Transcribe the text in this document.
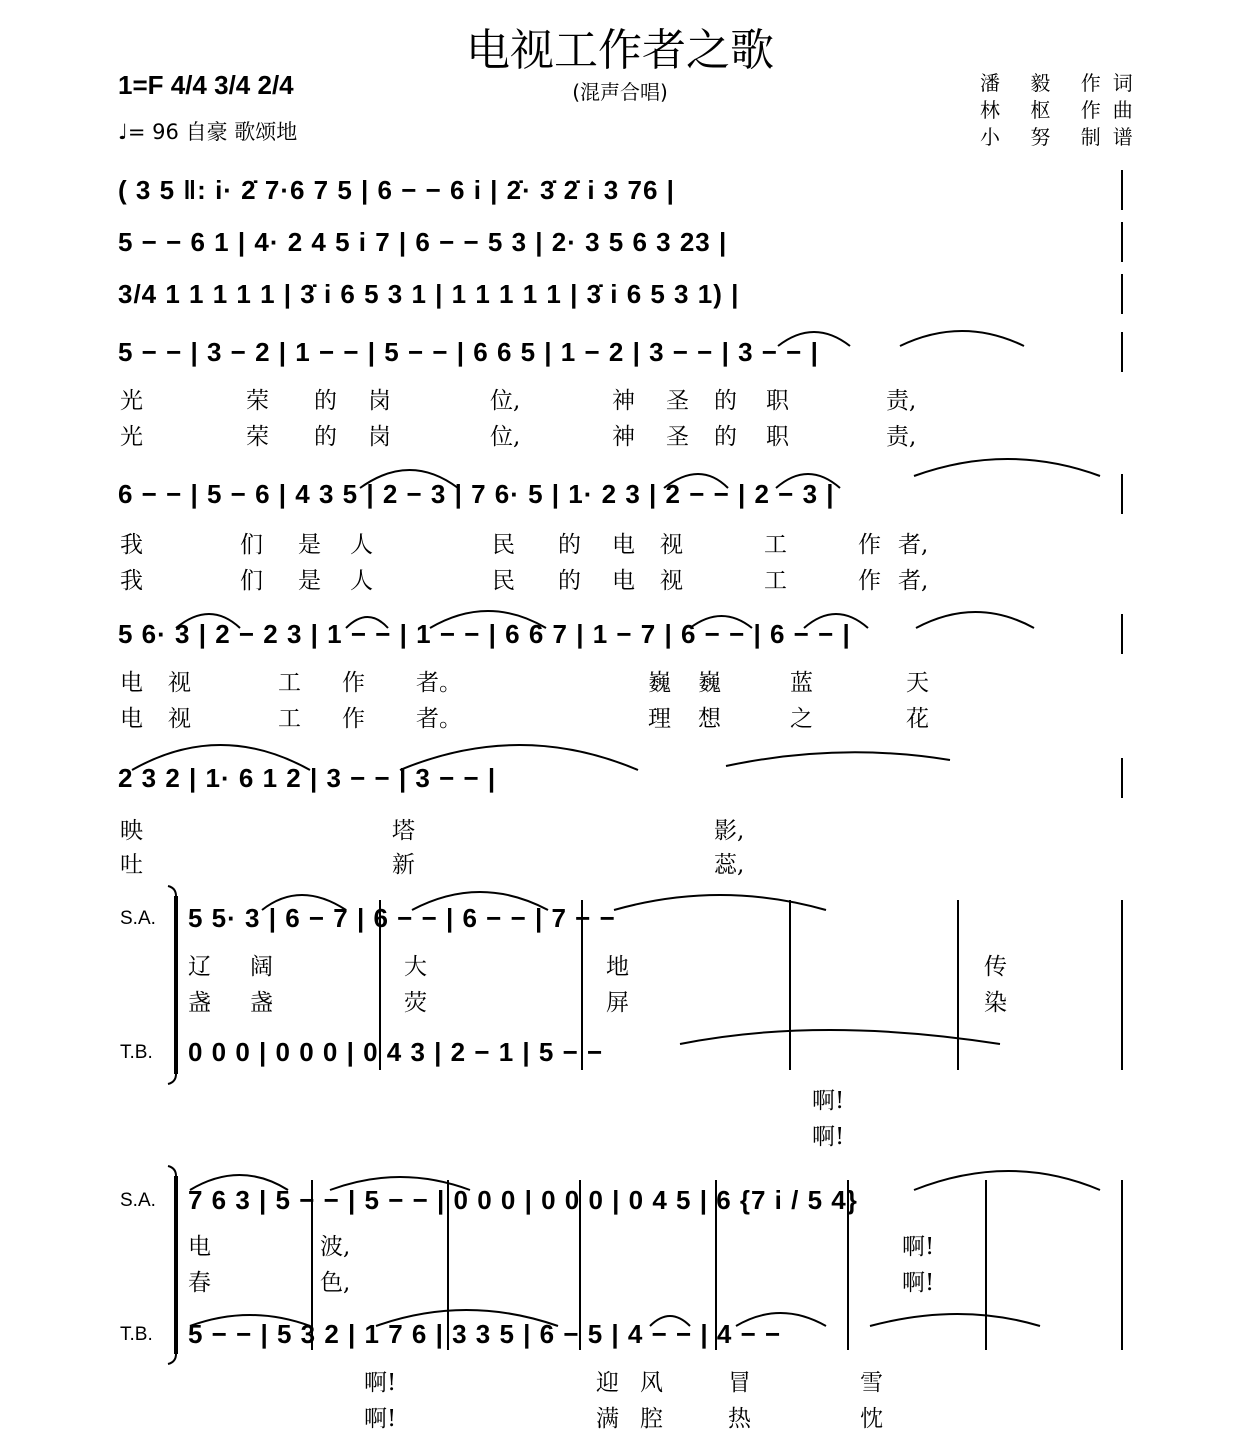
电视工作者之歌
(混声合唱)
1=F 4/4 3/4 2/4
♩= 96 自豪 歌颂地
潘 毅 作词
林 枢 作曲
小 努 制谱
( 3 5 ‖: i· 2̇ 7·6 7 5 | 6 − − 6 i | 2̇· 3̇ 2̇ i 3 76 |
5 − − 6 1 | 4· 2 4 5 i 7 | 6 − − 5 3 | 2· 3 5 6 3 23 |
3/4 1 1 1 1 1 | 3̇ i 6 5 3 1 | 1 1 1 1 1 | 3̇ i 6 5 3 1) |
5 − − | 3 − 2 | 1 − − | 5 − − | 6 6 5 | 1 − 2 | 3 − − | 3 − − |
光	荣 的 岗	位,	神 圣 的 职	责,
光	荣 的 岗	位,	神 圣 的 职	责,
6 − − | 5 − 6 | 4 3 5 | 2 − 3 | 7 6· 5 | 1· 2 3 | 2 − − | 2 − 3 |
我	们 是 人	民 的 电 视	工	作 者,
我	们 是 人	民 的 电 视	工	作 者,
5 6· 3 | 2 − 2 3 | 1 − − | 1 − − | 6 6 7 | 1 − 7 | 6 − − | 6 − − |
电 视	工 作 者。	巍 巍	蓝	天
电 视	工 作 者。	理 想	之	花
2 3 2 | 1· 6 1 2 | 3 − − | 3 − − |
映	塔	影,
吐	新	蕊,
S.A. 5 5· 3 | 6 − 7 | 6 − − | 6 − − | 7 − −
辽 阔	大	地	传
盏 盏	荧	屏	染
T.B. 0 0 0 | 0 0 0 | 0 4 3 | 2 − 1 | 5 − −
啊!
啊!
S.A. 7 6 3 | 5 − − | 5 − − | 0 0 0 | 0 0 0 | 0 4 5 | 6 {7 i / 5 4}
电	波,	啊!
春	色,	啊!
T.B. 5 − − | 5 3 2 | 1 7 6 | 3 3 5 | 6 − 5 | 4 − − | 4 − −
啊!	迎 风	冒	雪
啊!	满 腔	热	忱
